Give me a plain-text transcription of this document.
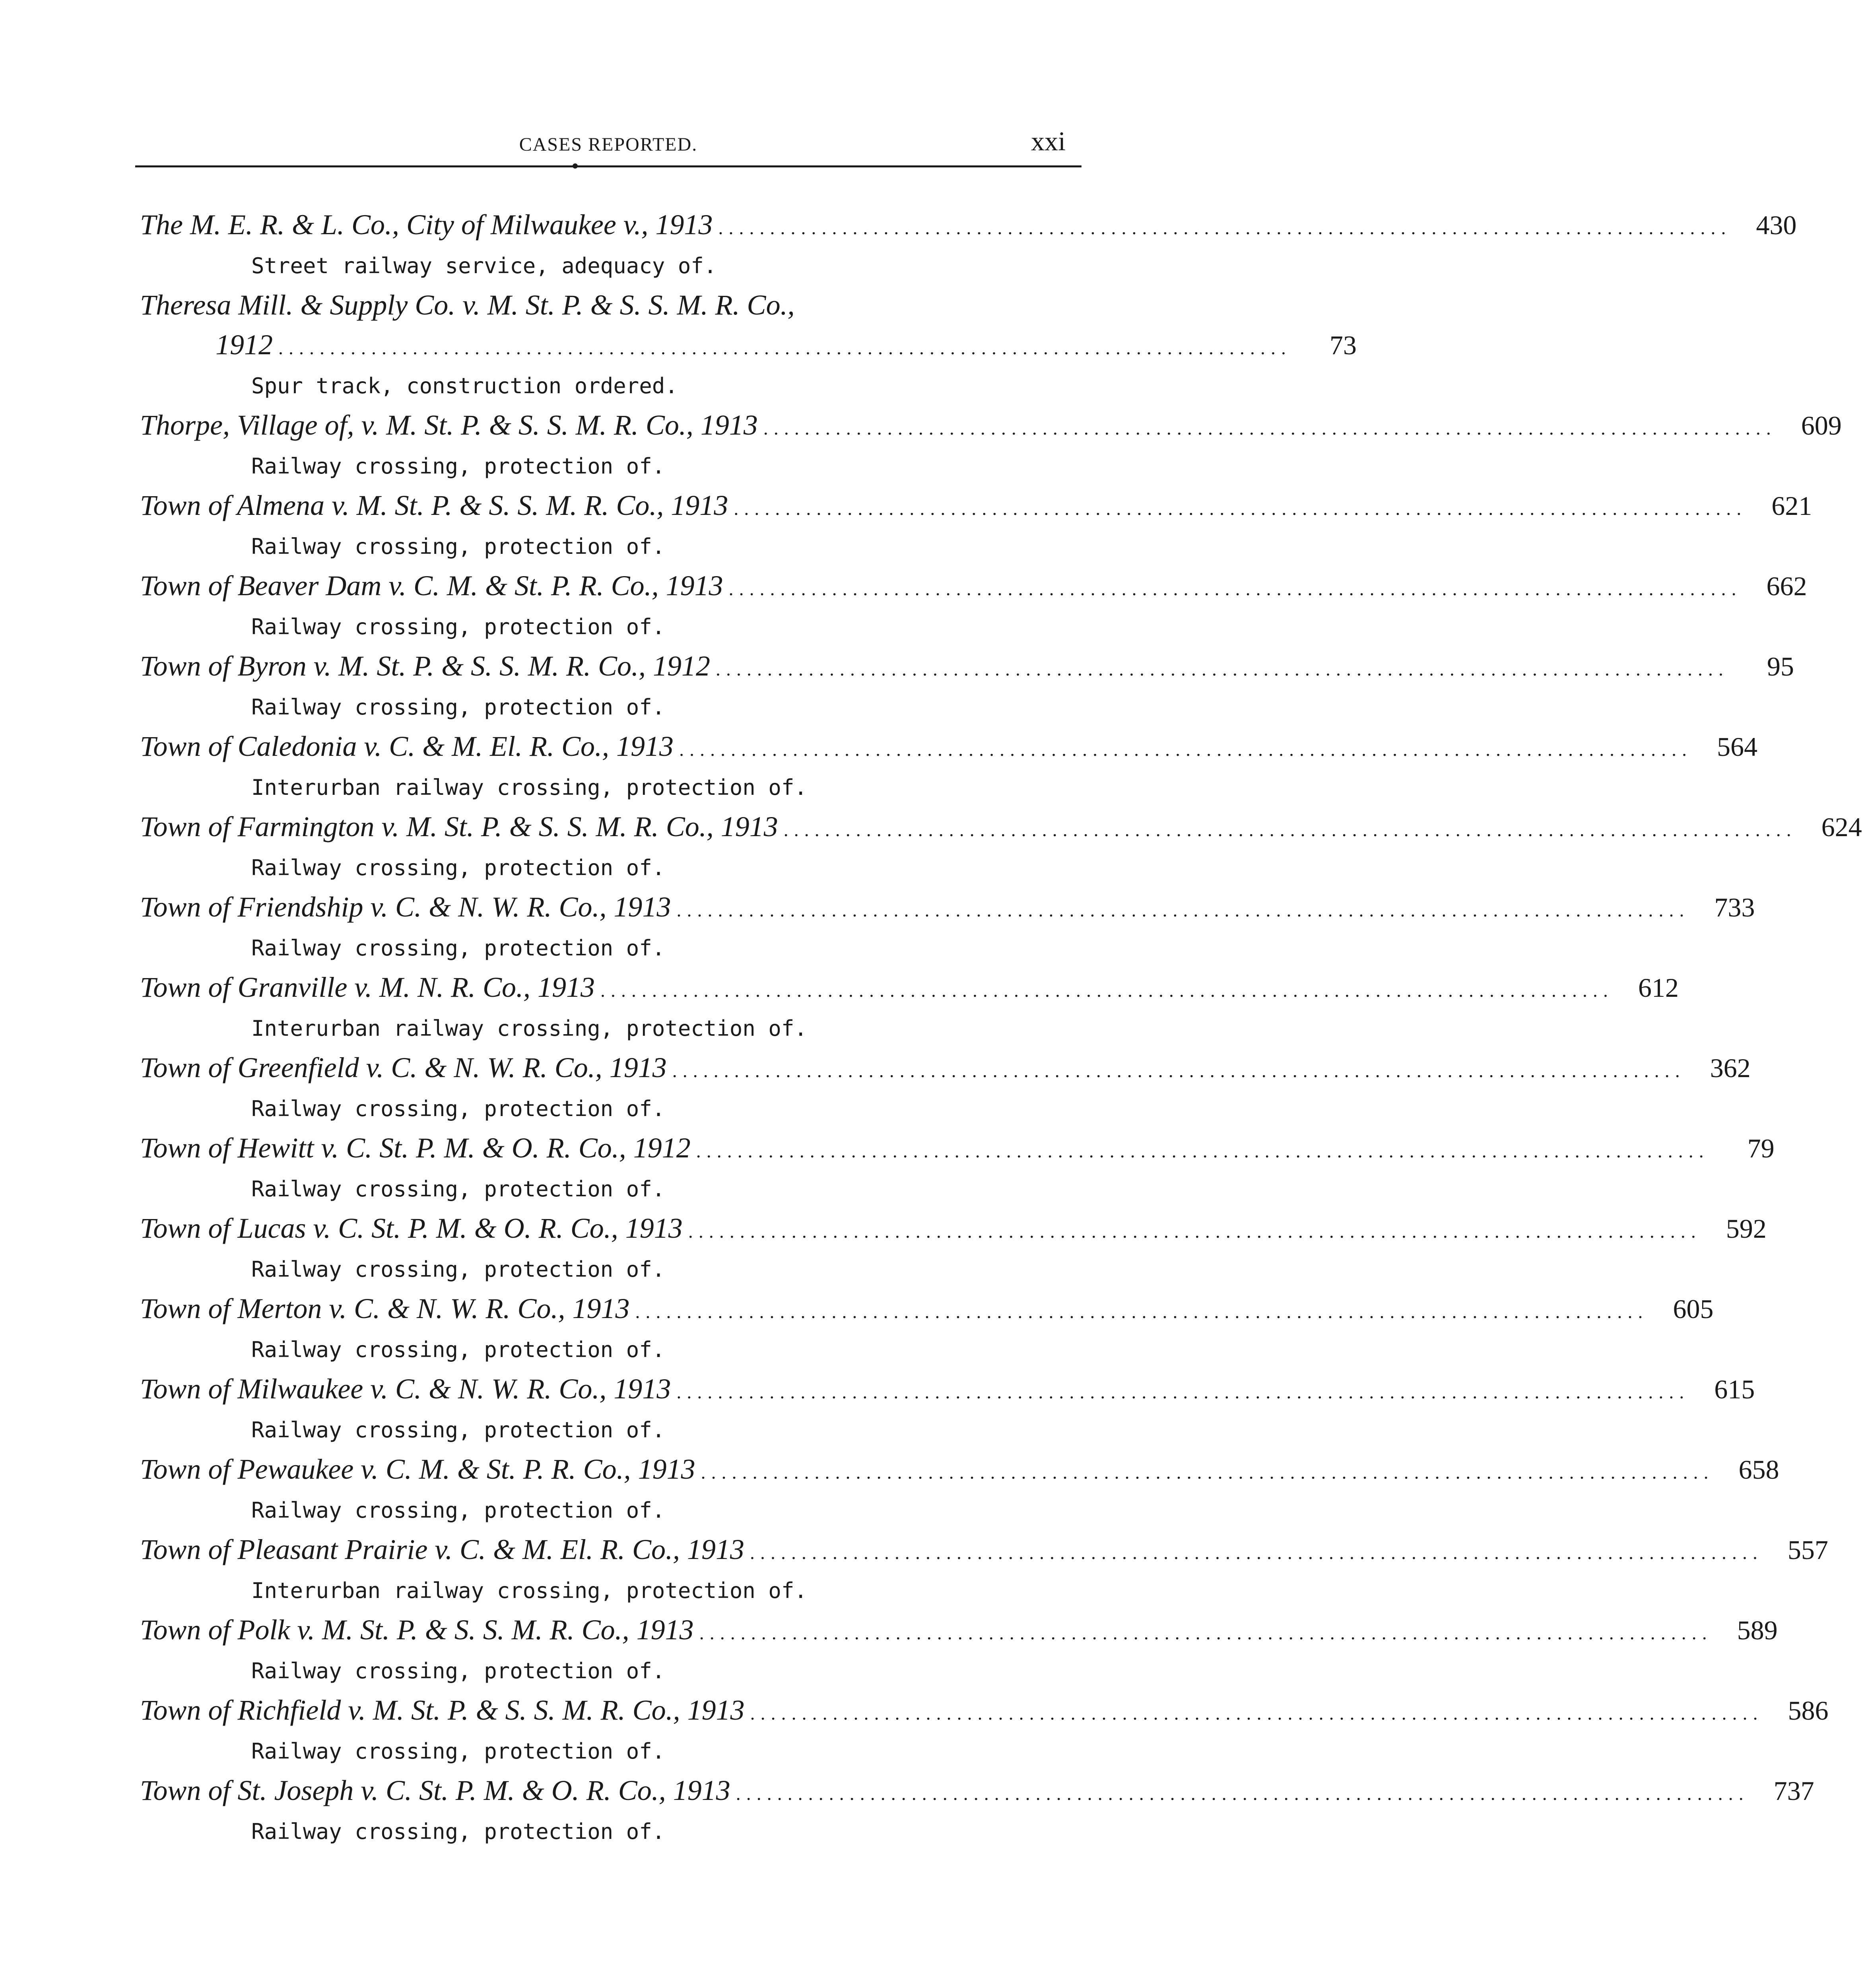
CASES REPORTED.	xxi
The M. E. R. & L. Co., City of Milwaukee v., 1913 .................................................................................................. 430
Street railway service, adequacy of.
Theresa Mill. & Supply Co. v. M. St. P. & S. S. M. R. Co.,
1912 ..................................................................................................	73
Spur track, construction ordered.
Thorpe, Village of, v. M. St. P. & S. S. M. R. Co., 1913 .................................................................................................. 609
Railway crossing, protection of.
Town of Almena v. M. St. P. & S. S. M. R. Co., 1913 .................................................................................................. 621
Railway crossing, protection of.
Town of Beaver Dam v. C. M. & St. P. R. Co., 1913 .................................................................................................. 662
Railway crossing, protection of.
Town of Byron v. M. St. P. & S. S. M. R. Co., 1912 ..................................................................................................	95
Railway crossing, protection of.
Town of Caledonia v. C. & M. El. R. Co., 1913 .................................................................................................. 564
Interurban railway crossing, protection of.
Town of Farmington v. M. St. P. & S. S. M. R. Co., 1913 .................................................................................................. 624
Railway crossing, protection of.
Town of Friendship v. C. & N. W. R. Co., 1913 .................................................................................................. 733
Railway crossing, protection of.
Town of Granville v. M. N. R. Co., 1913 .................................................................................................. 612
Interurban railway crossing, protection of.
Town of Greenfield v. C. & N. W. R. Co., 1913 .................................................................................................. 362
Railway crossing, protection of.
Town of Hewitt v. C. St. P. M. & O. R. Co., 1912 ..................................................................................................	79
Railway crossing, protection of.
Town of Lucas v. C. St. P. M. & O. R. Co., 1913 .................................................................................................. 592
Railway crossing, protection of.
Town of Merton v. C. & N. W. R. Co., 1913 .................................................................................................. 605
Railway crossing, protection of.
Town of Milwaukee v. C. & N. W. R. Co., 1913 .................................................................................................. 615
Railway crossing, protection of.
Town of Pewaukee v. C. M. & St. P. R. Co., 1913 .................................................................................................. 658
Railway crossing, protection of.
Town of Pleasant Prairie v. C. & M. El. R. Co., 1913 .................................................................................................. 557
Interurban railway crossing, protection of.
Town of Polk v. M. St. P. & S. S. M. R. Co., 1913 .................................................................................................. 589
Railway crossing, protection of.
Town of Richfield v. M. St. P. & S. S. M. R. Co., 1913 .................................................................................................. 586
Railway crossing, protection of.
Town of St. Joseph v. C. St. P. M. & O. R. Co., 1913 .................................................................................................. 737
Railway crossing, protection of.
